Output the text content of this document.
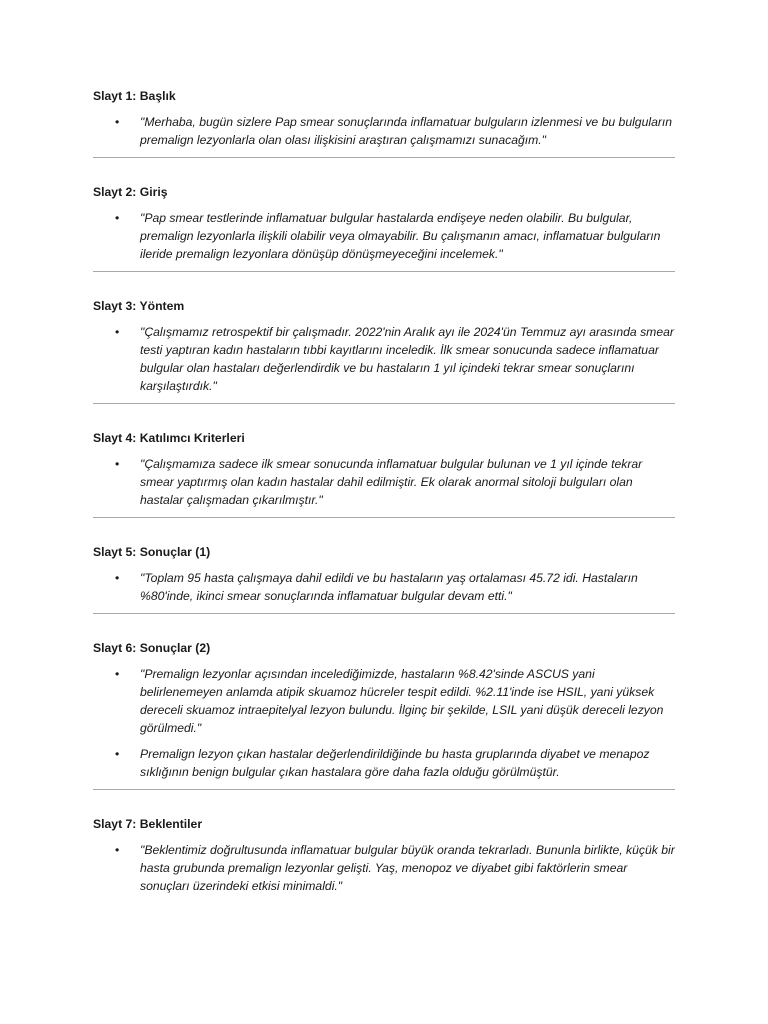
Slayt 1: Başlık
• "Merhaba, bugün sizlere Pap smear sonuçlarında inflamatuar bulguların izlenmesi ve bu bulguların premalign lezyonlarla olan olası ilişkisini araştıran çalışmamızı sunacağım."
Slayt 2: Giriş
• "Pap smear testlerinde inflamatuar bulgular hastalarda endişeye neden olabilir. Bu bulgular, premalign lezyonlarla ilişkili olabilir veya olmayabilir. Bu çalışmanın amacı, inflamatuar bulguların ileride premalign lezyonlara dönüşüp dönüşmeyeceğini incelemek."
Slayt 3: Yöntem
• "Çalışmamız retrospektif bir çalışmadır. 2022'nin Aralık ayı ile 2024'ün Temmuz ayı arasında smear testi yaptıran kadın hastaların tıbbi kayıtlarını inceledik. İlk smear sonucunda sadece inflamatuar bulgular olan hastaları değerlendirdik ve bu hastaların 1 yıl içindeki tekrar smear sonuçlarını karşılaştırdık."
Slayt 4: Katılımcı Kriterleri
• "Çalışmamıza sadece ilk smear sonucunda inflamatuar bulgular bulunan ve 1 yıl içinde tekrar smear yaptırmış olan kadın hastalar dahil edilmiştir. Ek olarak anormal sitoloji bulguları olan hastalar çalışmadan çıkarılmıştır."
Slayt 5: Sonuçlar (1)
• "Toplam 95 hasta çalışmaya dahil edildi ve bu hastaların yaş ortalaması 45.72 idi. Hastaların %80'inde, ikinci smear sonuçlarında inflamatuar bulgular devam etti."
Slayt 6: Sonuçlar (2)
• "Premalign lezyonlar açısından incelediğimizde, hastaların %8.42'sinde ASCUS yani belirlenemeyen anlamda atipik skuamoz hücreler tespit edildi. %2.11'inde ise HSIL, yani yüksek dereceli skuamoz intraepitelyal lezyon bulundu. İlginç bir şekilde, LSIL yani düşük dereceli lezyon görülmedi."
• Premalign lezyon çıkan hastalar değerlendirildiğinde bu hasta gruplarında diyabet ve menapoz sıklığının benign bulgular çıkan hastalara göre daha fazla olduğu görülmüştür.
Slayt 7: Beklentiler
• "Beklentimiz doğrultusunda inflamatuar bulgular büyük oranda tekrarladı. Bununla birlikte, küçük bir hasta grubunda premalign lezyonlar gelişti. Yaş, menopoz ve diyabet gibi faktörlerin smear sonuçları üzerindeki etkisi minimaldi."
